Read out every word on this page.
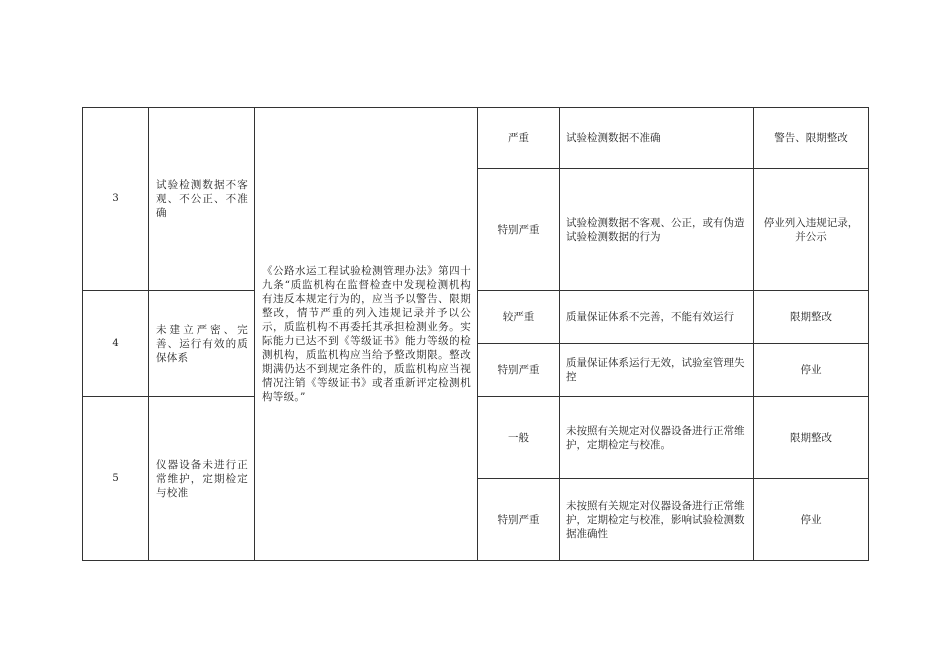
3	试验检测数据不客观、不公正、不准确	《公路水运工程试验检测管理办法》第四十九条“质监机构在监督检查中发现检测机构有违反本规定行为的，应当予以警告、限期整改，情节严重的列入违规记录并予以公示，质监机构不再委托其承担检测业务。实际能力已达不到《等级证书》能力等级的检测机构，质监机构应当给予整改期限。整改期满仍达不到规定条件的，质监机构应当视情况注销《等级证书》或者重新评定检测机构等级。”	严重	试验检测数据不准确	警告、限期整改
			特别严重	试验检测数据不客观、公正，或有伪造试验检测数据的行为	停业列入违规记录，并公示
4	未建立严密、完善、运行有效的质保体系		较严重	质量保证体系不完善，不能有效运行	限期整改
			特别严重	质量保证体系运行无效，试验室管理失控	停业
5	仪器设备未进行正常维护，定期检定与校准		一般	未按照有关规定对仪器设备进行正常维护，定期检定与校准。	限期整改
			特别严重	未按照有关规定对仪器设备进行正常维护，定期检定与校准，影响试验检测数据准确性	停业
